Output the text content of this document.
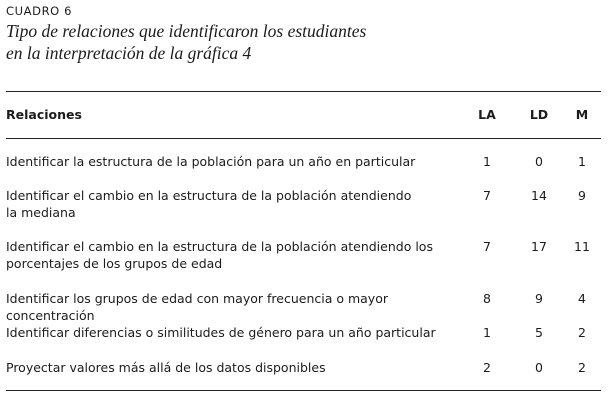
CUADRO 6
Tipo de relaciones que identificaron los estudiantes
en la interpretación de la gráfica 4
Relaciones	LA	LD	M
Identificar la estructura de la población para un año en particular	1	0	1
Identificar el cambio en la estructura de la población atendiendo
la mediana
7	14	9
Identificar el cambio en la estructura de la población atendiendo los
porcentajes de los grupos de edad
7	17	11
Identificar los grupos de edad con mayor frecuencia o mayor concentración
8	9	4
Identificar diferencias o similitudes de género para un año particular	1	5	2
Proyectar valores más allá de los datos disponibles	2	0	2
